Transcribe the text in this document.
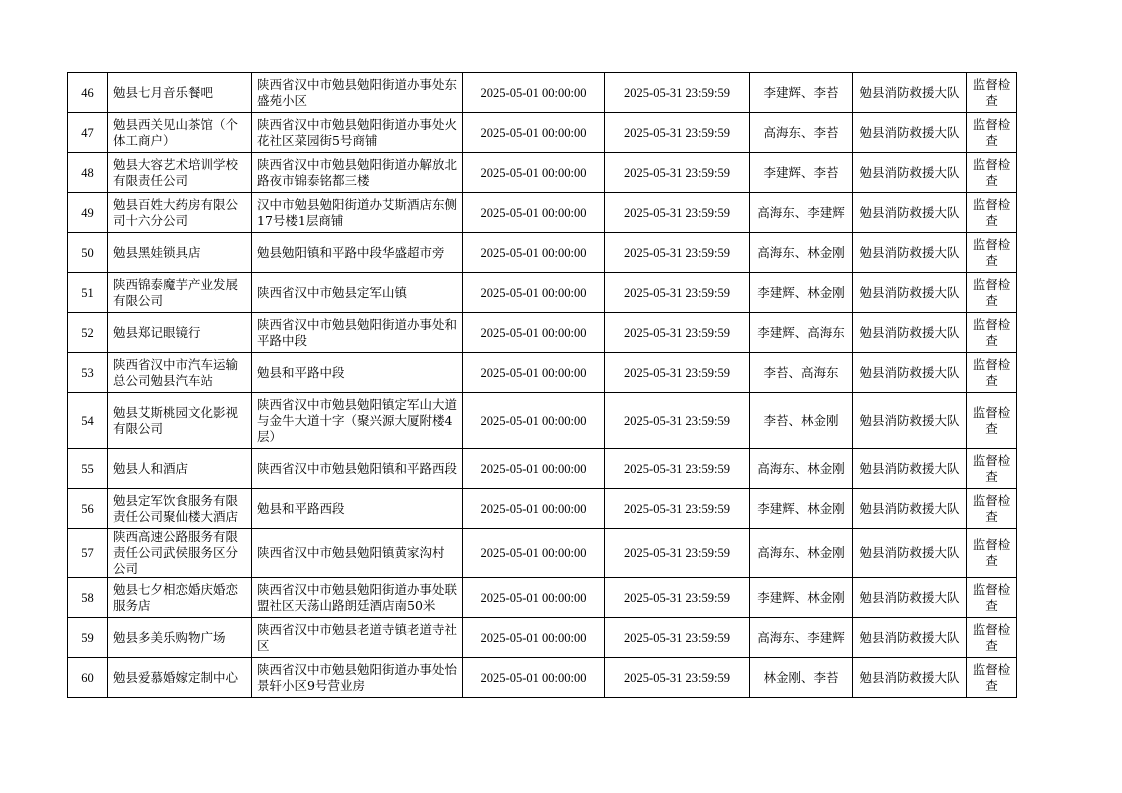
46	勉县七月音乐餐吧	陕西省汉中市勉县勉阳街道办事处东盛苑小区	2025-05-01 00:00:00	2025-05-31 23:59:59	李建辉、李苔	勉县消防救援大队	监督检查
47	勉县西关见山茶馆（个体工商户）	陕西省汉中市勉县勉阳街道办事处火花社区菜园街5号商铺	2025-05-01 00:00:00	2025-05-31 23:59:59	高海东、李苔	勉县消防救援大队	监督检查
48	勉县大容艺术培训学校有限责任公司	陕西省汉中市勉县勉阳街道办解放北路夜市锦泰铭都三楼	2025-05-01 00:00:00	2025-05-31 23:59:59	李建辉、李苔	勉县消防救援大队	监督检查
49	勉县百姓大药房有限公司十六分公司	汉中市勉县勉阳街道办艾斯酒店东侧17号楼1层商铺	2025-05-01 00:00:00	2025-05-31 23:59:59	高海东、李建辉	勉县消防救援大队	监督检查
50	勉县黑娃锁具店	勉县勉阳镇和平路中段华盛超市旁	2025-05-01 00:00:00	2025-05-31 23:59:59	高海东、林金刚	勉县消防救援大队	监督检查
51	陕西锦泰魔芋产业发展有限公司	陕西省汉中市勉县定军山镇	2025-05-01 00:00:00	2025-05-31 23:59:59	李建辉、林金刚	勉县消防救援大队	监督检查
52	勉县郑记眼镜行	陕西省汉中市勉县勉阳街道办事处和平路中段	2025-05-01 00:00:00	2025-05-31 23:59:59	李建辉、高海东	勉县消防救援大队	监督检查
53	陕西省汉中市汽车运输总公司勉县汽车站	勉县和平路中段	2025-05-01 00:00:00	2025-05-31 23:59:59	李苔、高海东	勉县消防救援大队	监督检查
54	勉县艾斯桃园文化影视有限公司	陕西省汉中市勉县勉阳镇定军山大道与金牛大道十字（聚兴源大厦附楼4层）	2025-05-01 00:00:00	2025-05-31 23:59:59	李苔、林金刚	勉县消防救援大队	监督检查
55	勉县人和酒店	陕西省汉中市勉县勉阳镇和平路西段	2025-05-01 00:00:00	2025-05-31 23:59:59	高海东、林金刚	勉县消防救援大队	监督检查
56	勉县定军饮食服务有限责任公司聚仙楼大酒店	勉县和平路西段	2025-05-01 00:00:00	2025-05-31 23:59:59	李建辉、林金刚	勉县消防救援大队	监督检查
57	陕西高速公路服务有限责任公司武侯服务区分公司	陕西省汉中市勉县勉阳镇黄家沟村	2025-05-01 00:00:00	2025-05-31 23:59:59	高海东、林金刚	勉县消防救援大队	监督检查
58	勉县七夕相恋婚庆婚恋服务店	陕西省汉中市勉县勉阳街道办事处联盟社区天荡山路朗廷酒店南50米	2025-05-01 00:00:00	2025-05-31 23:59:59	李建辉、林金刚	勉县消防救援大队	监督检查
59	勉县多美乐购物广场	陕西省汉中市勉县老道寺镇老道寺社区	2025-05-01 00:00:00	2025-05-31 23:59:59	高海东、李建辉	勉县消防救援大队	监督检查
60	勉县爱慕婚嫁定制中心	陕西省汉中市勉县勉阳街道办事处怡景轩小区9号营业房	2025-05-01 00:00:00	2025-05-31 23:59:59	林金刚、李苔	勉县消防救援大队	监督检查
